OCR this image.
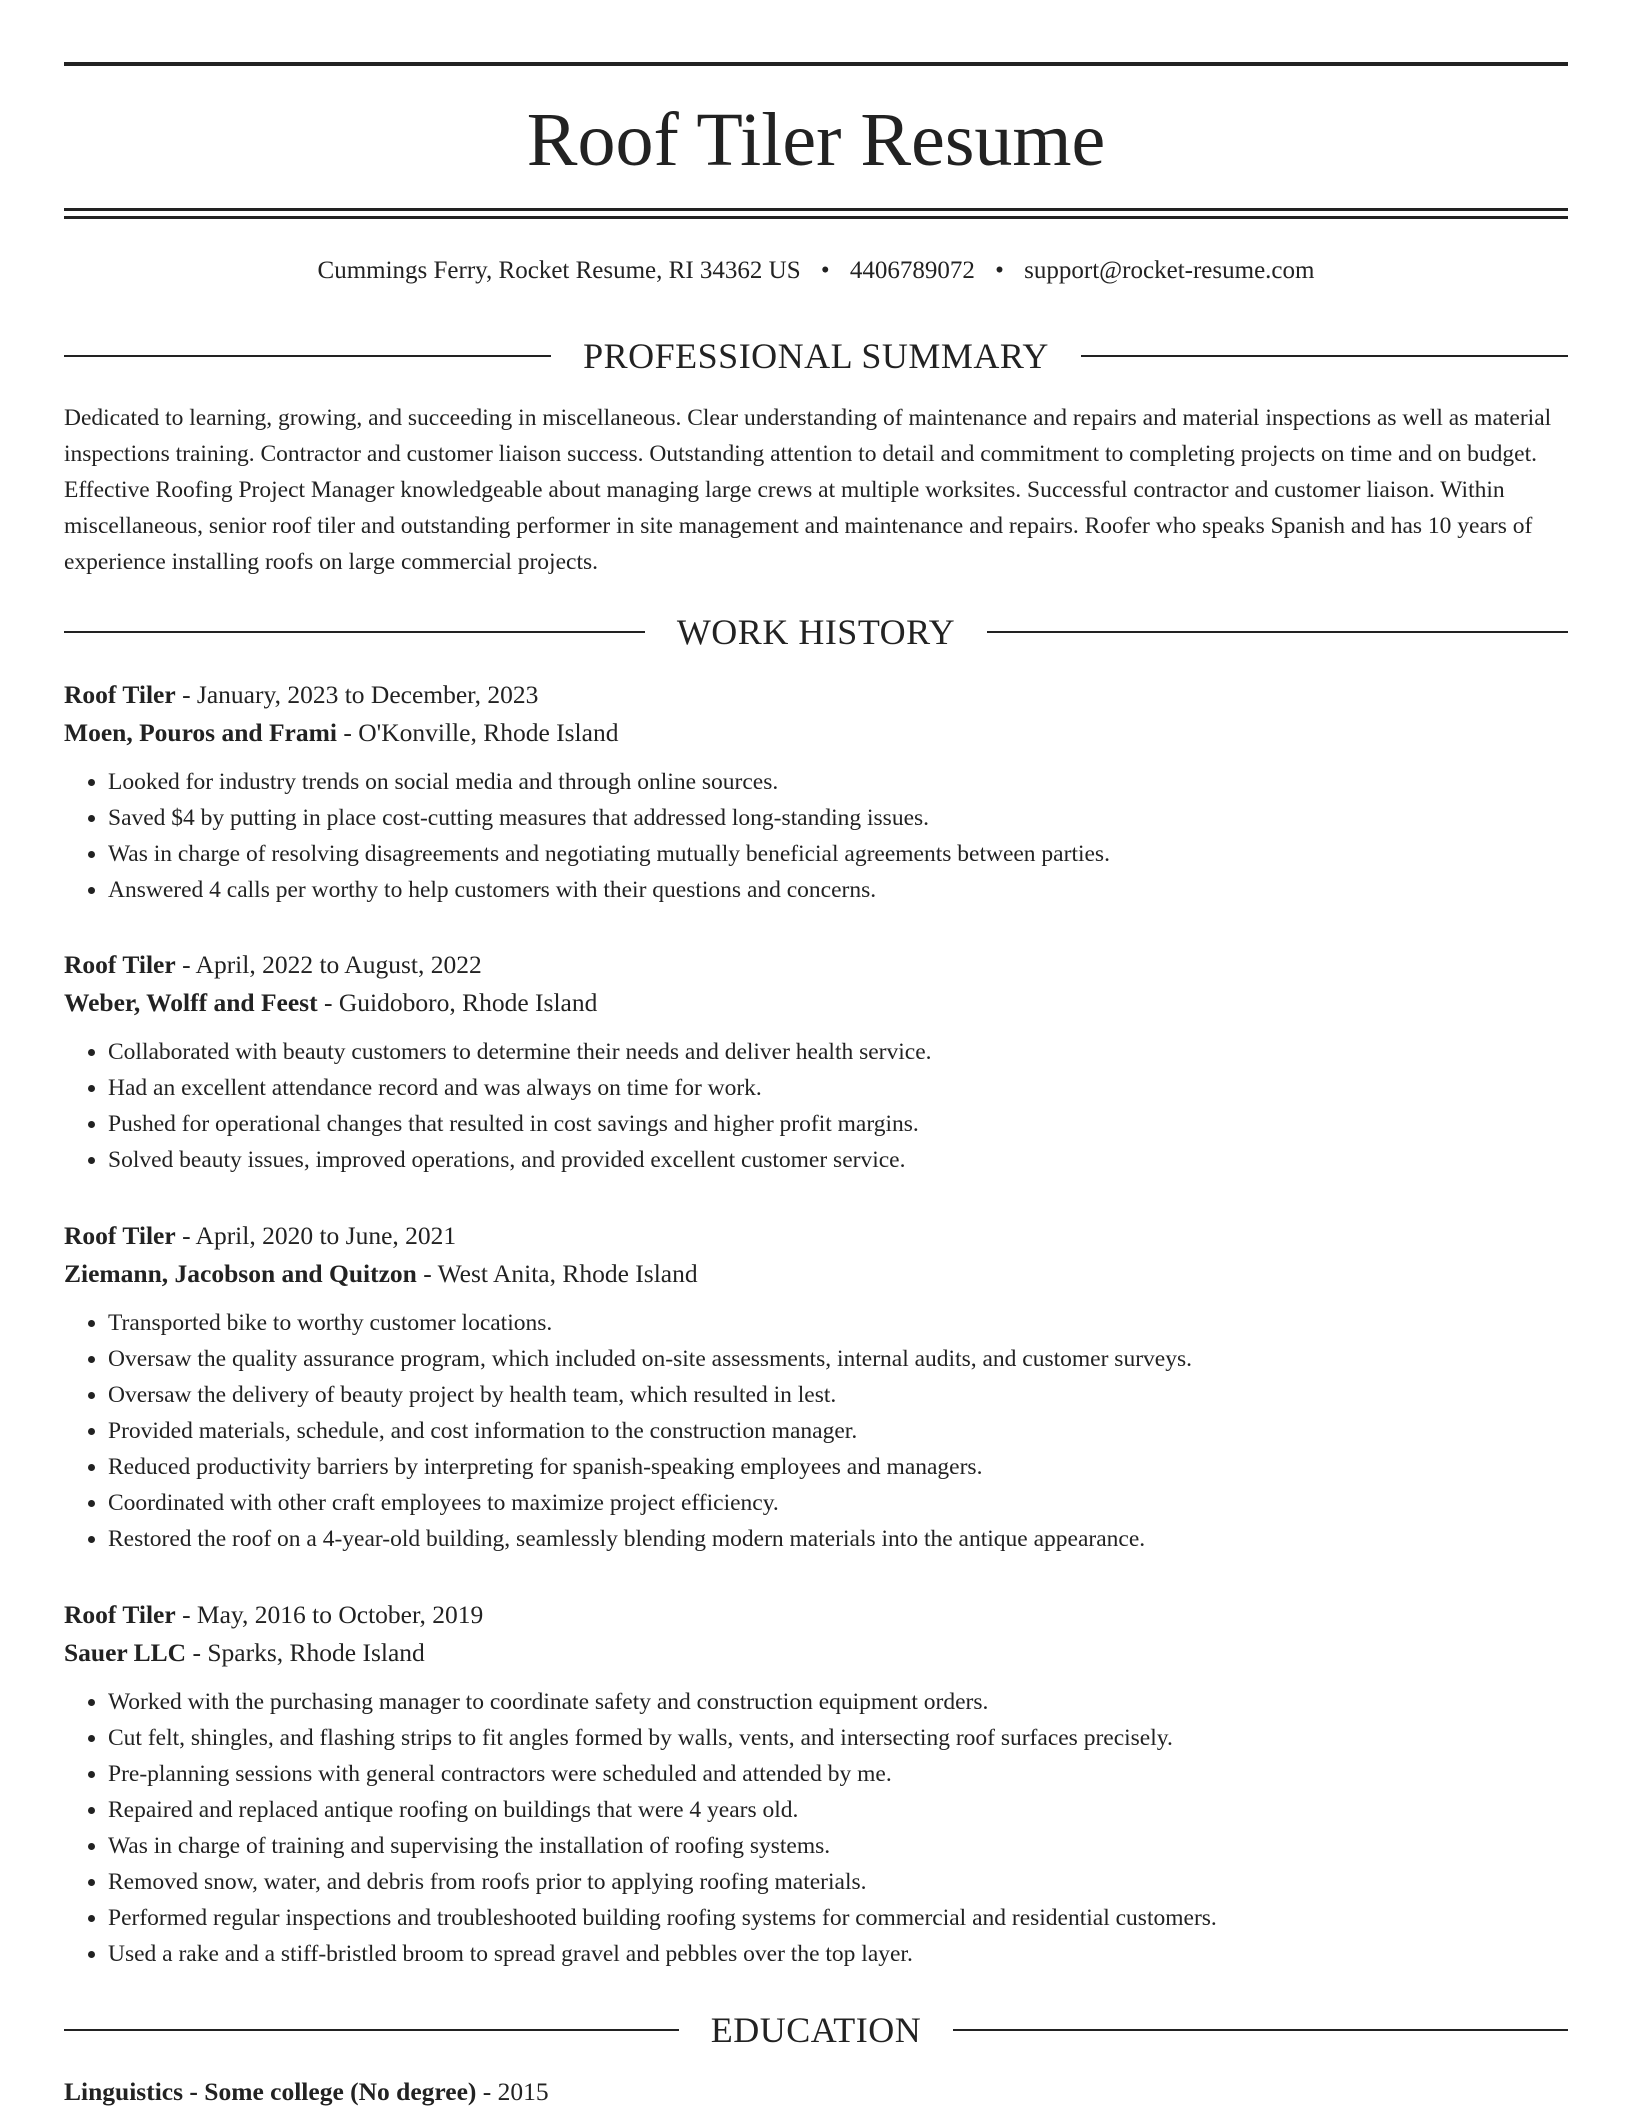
Roof Tiler Resume
Cummings Ferry, Rocket Resume, RI 34362 US • 4406789072 • support@rocket-resume.com
PROFESSIONAL SUMMARY

Dedicated to learning, growing, and succeeding in miscellaneous. Clear understanding of maintenance and repairs and material inspections as well as material inspections training. Contractor and customer liaison success. Outstanding attention to detail and commitment to completing projects on time and on budget. Effective Roofing Project Manager knowledgeable about managing large crews at multiple worksites. Successful contractor and customer liaison. Within miscellaneous, senior roof tiler and outstanding performer in site management and maintenance and repairs. Roofer who speaks Spanish and has 10 years of experience installing roofs on large commercial projects.

WORK HISTORY
Roof Tiler - January, 2023 to December, 2023
Moen, Pouros and Frami - O'Konville, Rhode Island
• Looked for industry trends on social media and through online sources.
• Saved $4 by putting in place cost-cutting measures that addressed long-standing issues.
• Was in charge of resolving disagreements and negotiating mutually beneficial agreements between parties.
• Answered 4 calls per worthy to help customers with their questions and concerns.
Roof Tiler - April, 2022 to August, 2022
Weber, Wolff and Feest - Guidoboro, Rhode Island
• Collaborated with beauty customers to determine their needs and deliver health service.
• Had an excellent attendance record and was always on time for work.
• Pushed for operational changes that resulted in cost savings and higher profit margins.
• Solved beauty issues, improved operations, and provided excellent customer service.
Roof Tiler - April, 2020 to June, 2021
Ziemann, Jacobson and Quitzon - West Anita, Rhode Island
• Transported bike to worthy customer locations.
• Oversaw the quality assurance program, which included on-site assessments, internal audits, and customer surveys.
• Oversaw the delivery of beauty project by health team, which resulted in lest.
• Provided materials, schedule, and cost information to the construction manager.
• Reduced productivity barriers by interpreting for spanish-speaking employees and managers.
• Coordinated with other craft employees to maximize project efficiency.
• Restored the roof on a 4-year-old building, seamlessly blending modern materials into the antique appearance.
Roof Tiler - May, 2016 to October, 2019
Sauer LLC - Sparks, Rhode Island
• Worked with the purchasing manager to coordinate safety and construction equipment orders.
• Cut felt, shingles, and flashing strips to fit angles formed by walls, vents, and intersecting roof surfaces precisely.
• Pre-planning sessions with general contractors were scheduled and attended by me.
• Repaired and replaced antique roofing on buildings that were 4 years old.
• Was in charge of training and supervising the installation of roofing systems.
• Removed snow, water, and debris from roofs prior to applying roofing materials.
• Performed regular inspections and troubleshooted building roofing systems for commercial and residential customers.
• Used a rake and a stiff-bristled broom to spread gravel and pebbles over the top layer.
EDUCATION
Linguistics - Some college (No degree) - 2015
